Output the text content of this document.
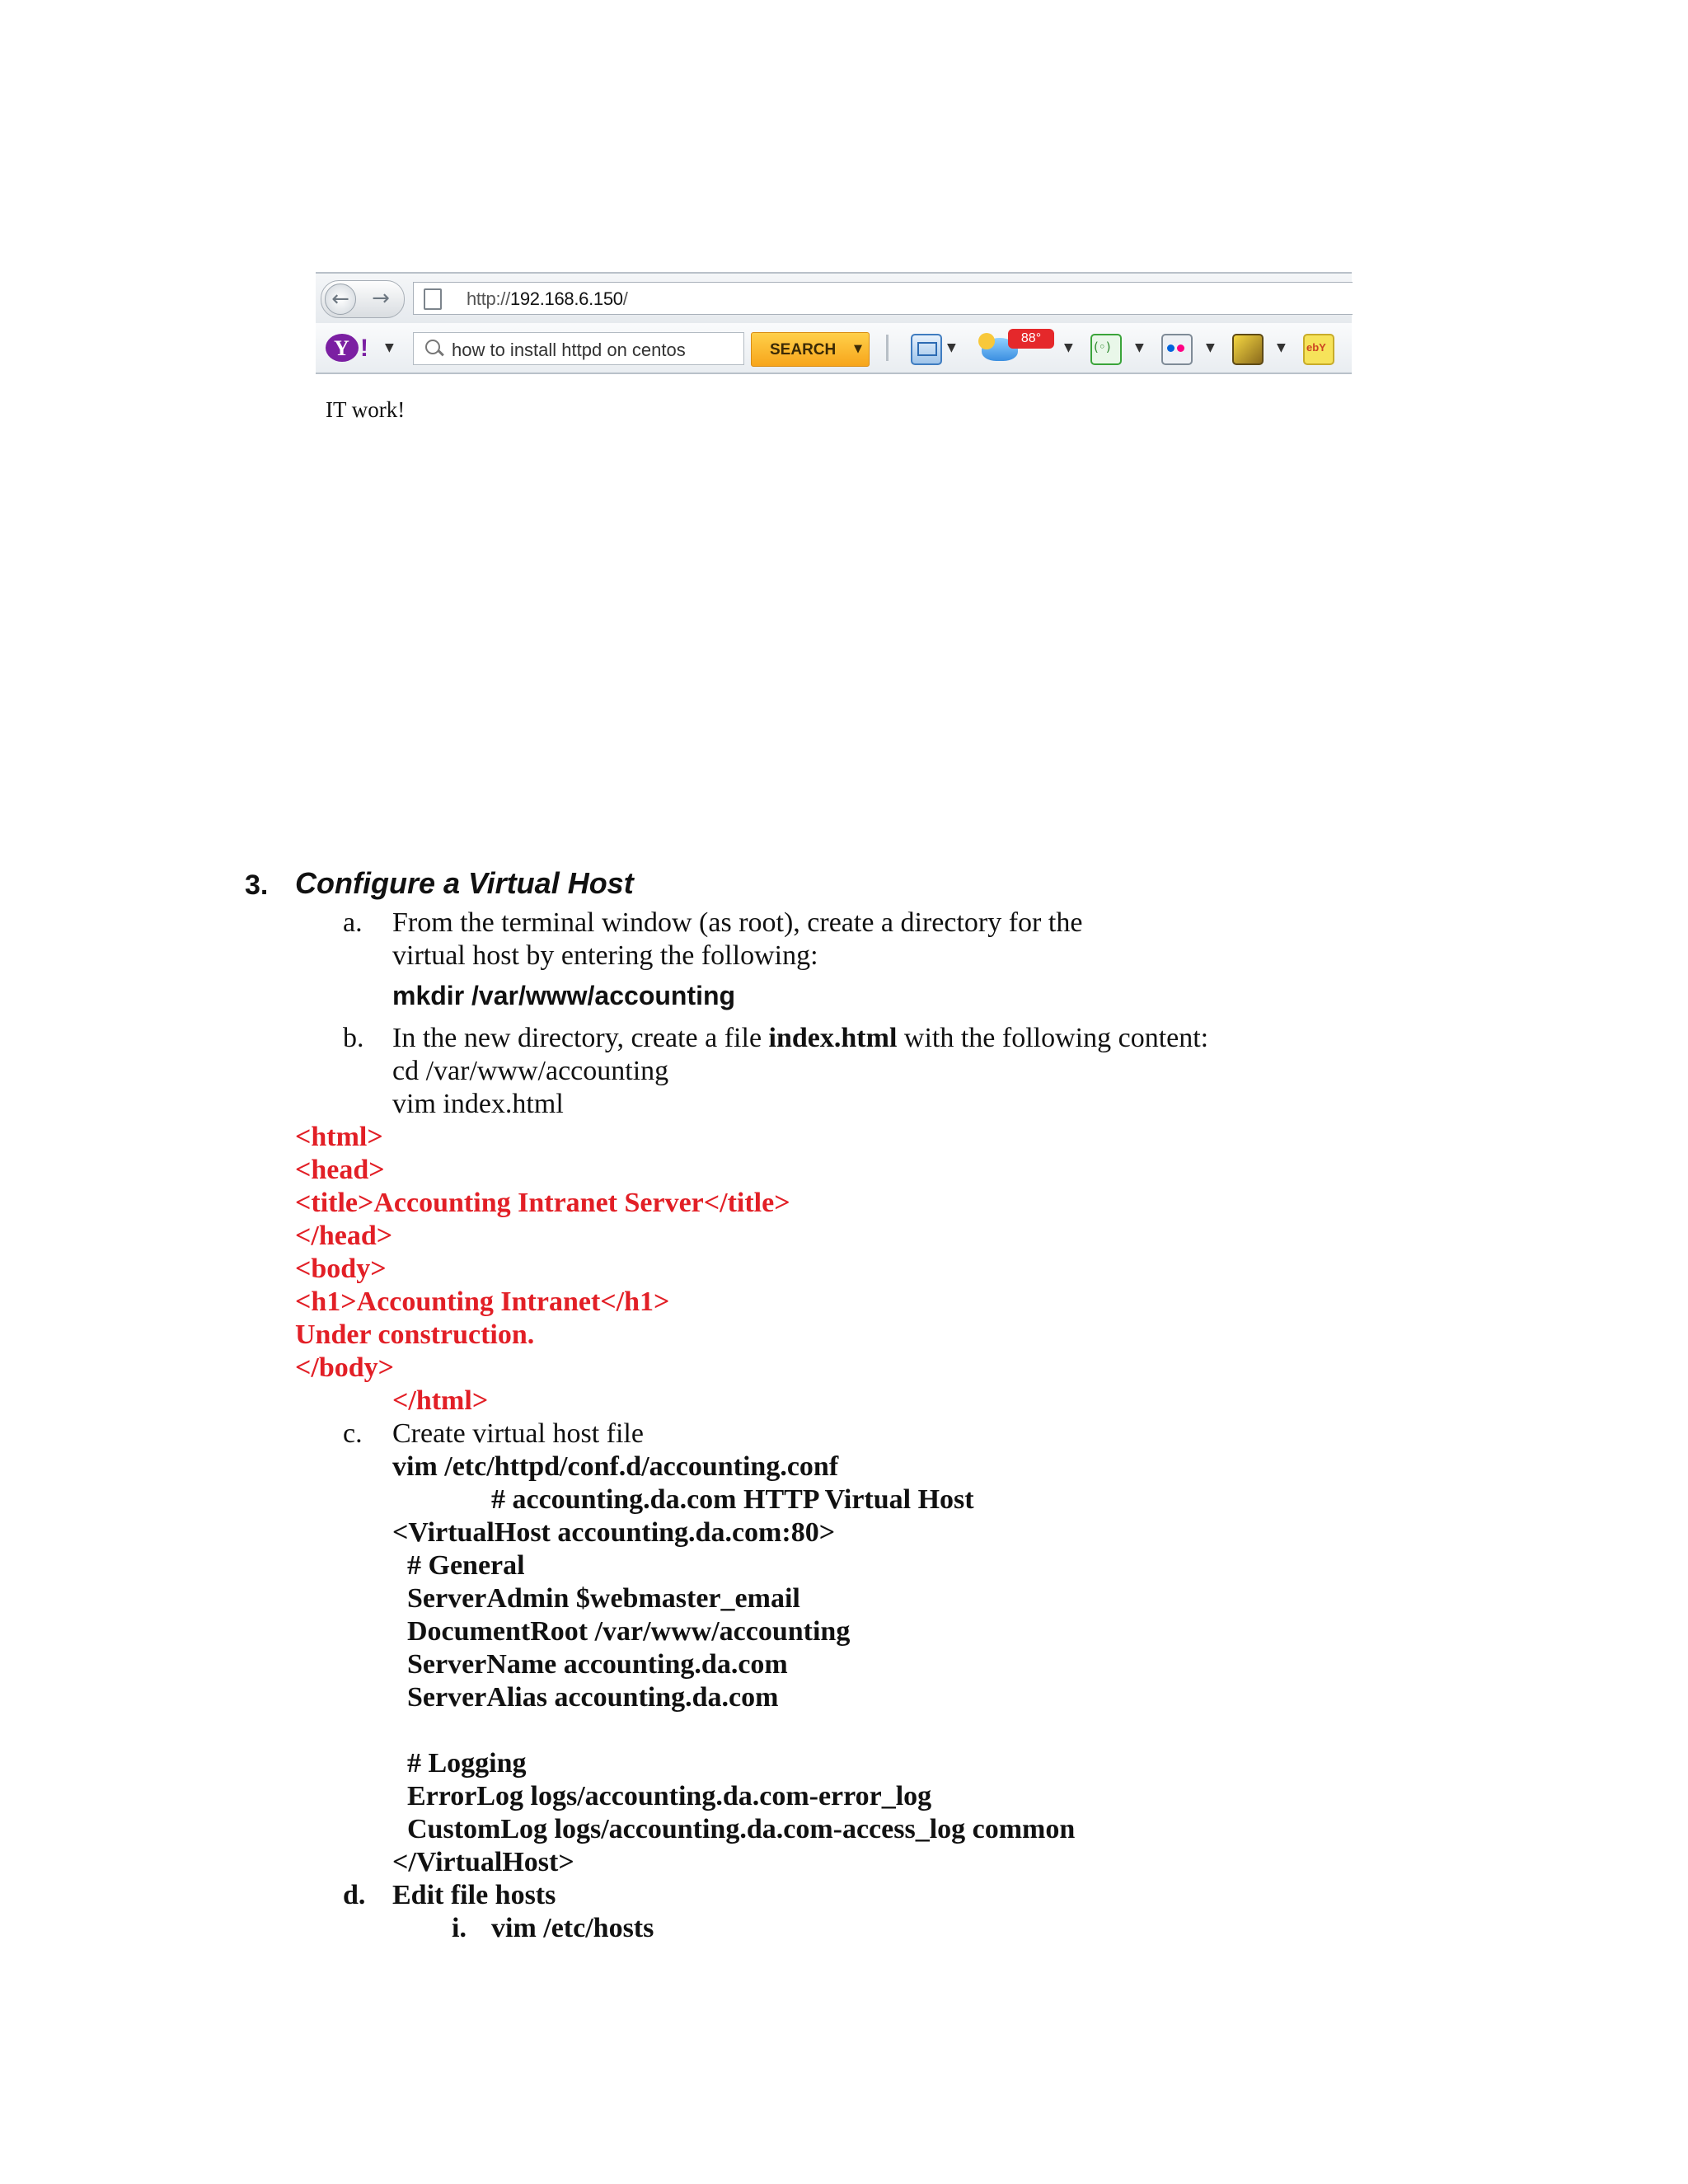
←	→	http://192.168.6.150/
Y ! ▼	how to install httpd on centos	SEARCH ▼	▼
88°
▼
(◦)	▼	▼	▼
ebY
IT work!
3. Configure a Virtual Host
a. From the terminal window (as root), create a directory for the
virtual host by entering the following:
mkdir /var/www/accounting
b. In the new directory, create a file index.html with the following content:
cd /var/www/accounting
vim index.html
<html>
<head>
<title>Accounting Intranet Server</title>
</head>
<body>
<h1>Accounting Intranet</h1>
Under construction.
</body>
</html>
c. Create virtual host file
vim /etc/httpd/conf.d/accounting.conf
# accounting.da.com HTTP Virtual Host
<VirtualHost accounting.da.com:80>
# General
ServerAdmin $webmaster_email
DocumentRoot /var/www/accounting
ServerName accounting.da.com
ServerAlias accounting.da.com
# Logging
ErrorLog logs/accounting.da.com-error_log
CustomLog logs/accounting.da.com-access_log common
</VirtualHost>
d. Edit file hosts
i. vim /etc/hosts
